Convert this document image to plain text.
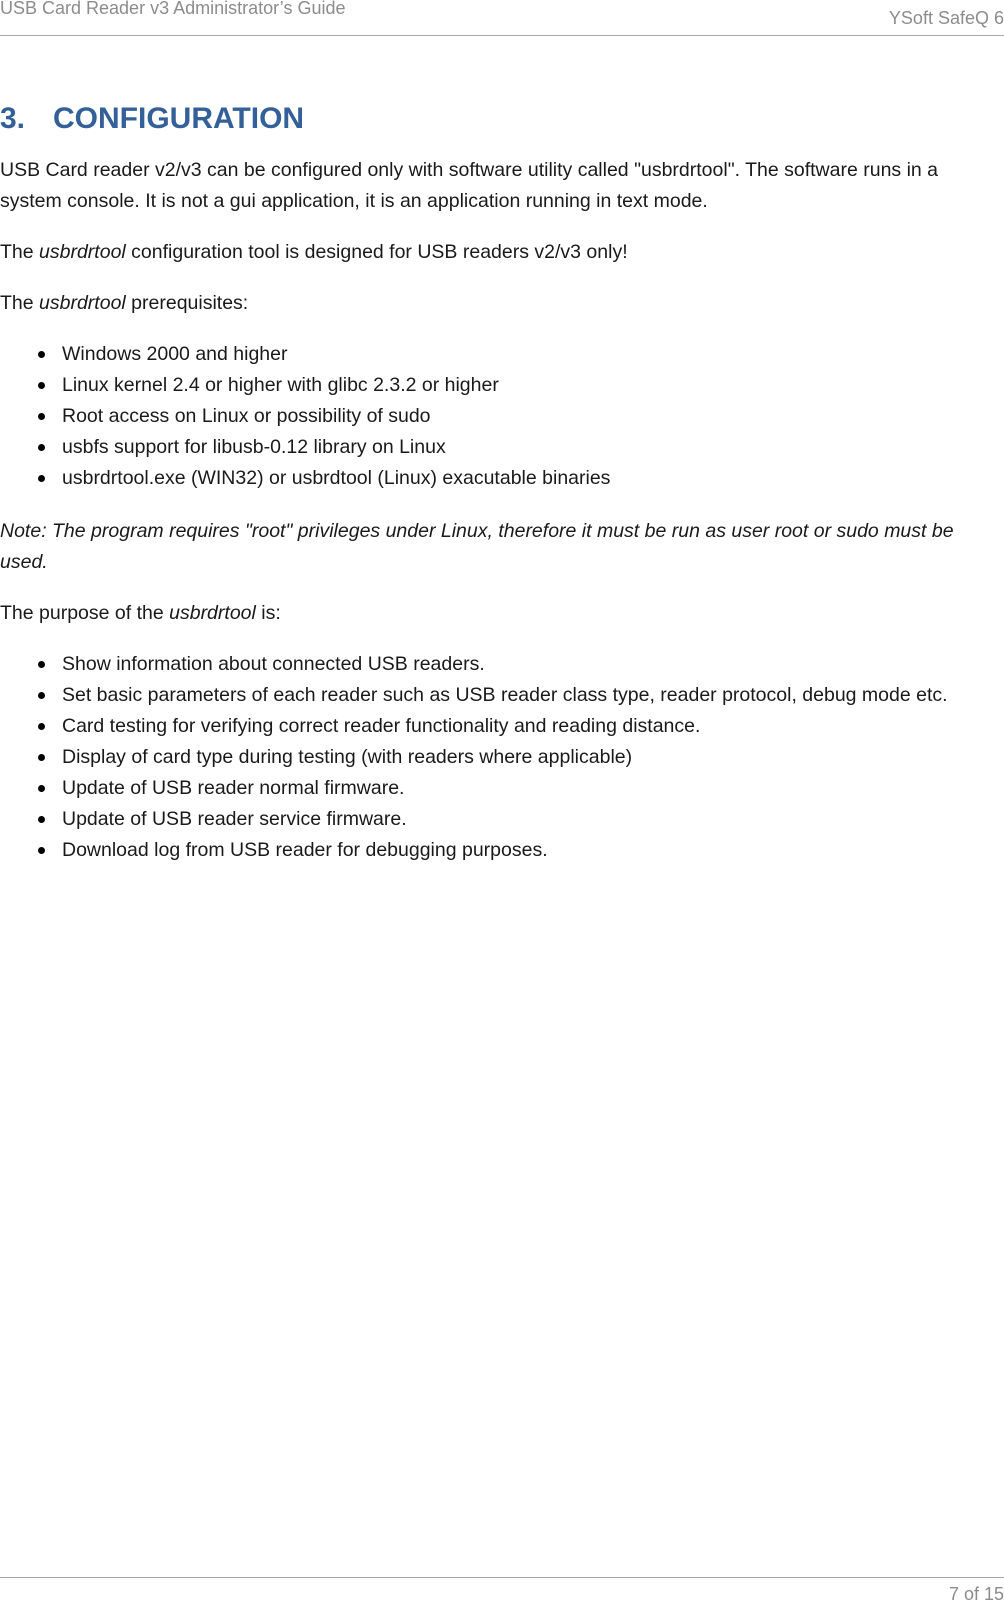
USB Card Reader v3 Administrator’s Guide	YSoft SafeQ 6
3. CONFIGURATION

USB Card reader v2/v3 can be configured only with software utility called "usbrdrtool". The software runs in a system console. It is not a gui application, it is an application running in text mode.

The usbrdrtool configuration tool is designed for USB readers v2/v3 only!

The usbrdrtool prerequisites:

Windows 2000 and higher
Linux kernel 2.4 or higher with glibc 2.3.2 or higher
Root access on Linux or possibility of sudo
usbfs support for libusb-0.12 library on Linux
usbrdrtool.exe (WIN32) or usbrdtool (Linux) exacutable binaries

Note: The program requires "root" privileges under Linux, therefore it must be run as user root or sudo must be used.

The purpose of the usbrdrtool is:

Show information about connected USB readers.
Set basic parameters of each reader such as USB reader class type, reader protocol, debug mode etc.
Card testing for verifying correct reader functionality and reading distance.
Display of card type during testing (with readers where applicable)
Update of USB reader normal firmware.
Update of USB reader service firmware.
Download log from USB reader for debugging purposes.
7 of 15
